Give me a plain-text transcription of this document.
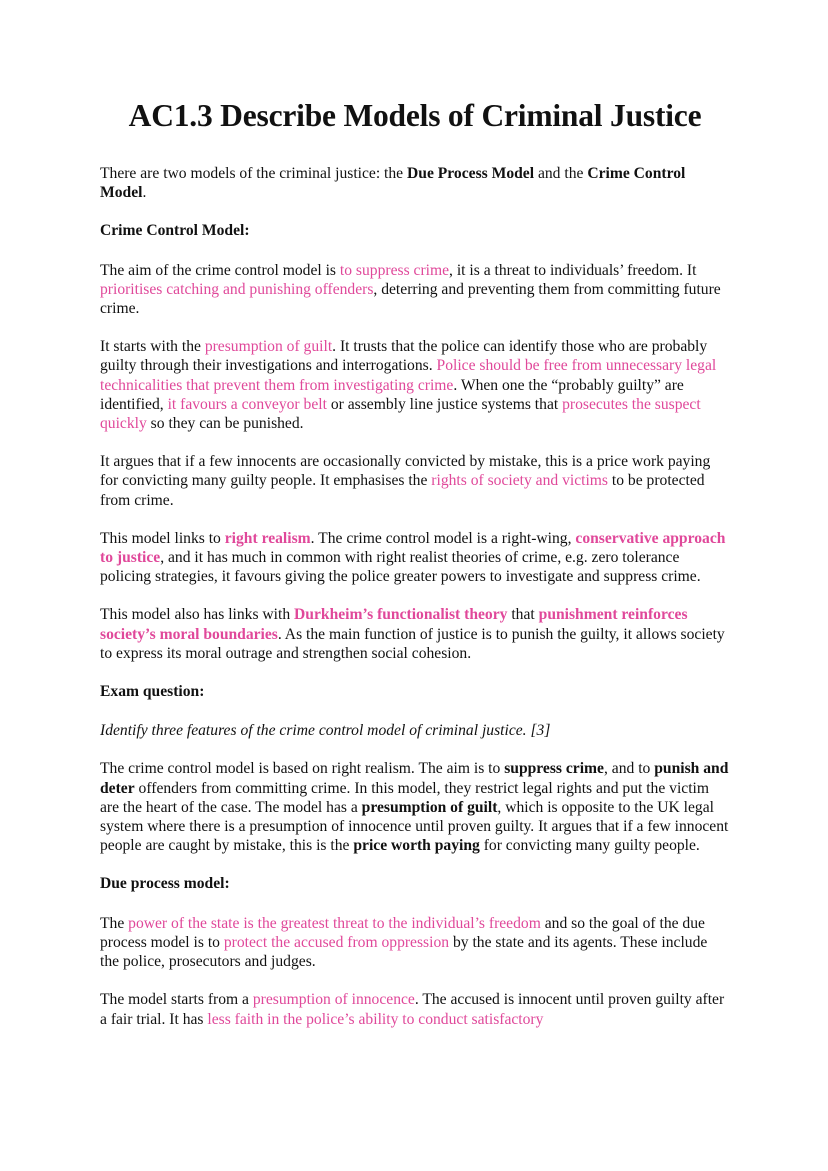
AC1.3 Describe Models of Criminal Justice

There are two models of the criminal justice: the Due Process Model and the Crime Control Model.

Crime Control Model:

The aim of the crime control model is to suppress crime, it is a threat to individuals’ freedom. It prioritises catching and punishing offenders, deterring and preventing them from committing future crime.

It starts with the presumption of guilt. It trusts that the police can identify those who are probably guilty through their investigations and interrogations. Police should be free from unnecessary legal technicalities that prevent them from investigating crime. When one the “probably guilty” are identified, it favours a conveyor belt or assembly line justice systems that prosecutes the suspect quickly so they can be punished.

It argues that if a few innocents are occasionally convicted by mistake, this is a price work paying for convicting many guilty people. It emphasises the rights of society and victims to be protected from crime.

This model links to right realism. The crime control model is a right-wing, conservative approach to justice, and it has much in common with right realist theories of crime, e.g. zero tolerance policing strategies, it favours giving the police greater powers to investigate and suppress crime.

This model also has links with Durkheim’s functionalist theory that punishment reinforces society’s moral boundaries. As the main function of justice is to punish the guilty, it allows society to express its moral outrage and strengthen social cohesion.

Exam question:

Identify three features of the crime control model of criminal justice. [3]

The crime control model is based on right realism. The aim is to suppress crime, and to punish and deter offenders from committing crime. In this model, they restrict legal rights and put the victim are the heart of the case. The model has a presumption of guilt, which is opposite to the UK legal system where there is a presumption of innocence until proven guilty. It argues that if a few innocent people are caught by mistake, this is the price worth paying for convicting many guilty people.

Due process model:

The power of the state is the greatest threat to the individual’s freedom and so the goal of the due process model is to protect the accused from oppression by the state and its agents. These include the police, prosecutors and judges.

The model starts from a presumption of innocence. The accused is innocent until proven guilty after a fair trial. It has less faith in the police’s ability to conduct satisfactory
